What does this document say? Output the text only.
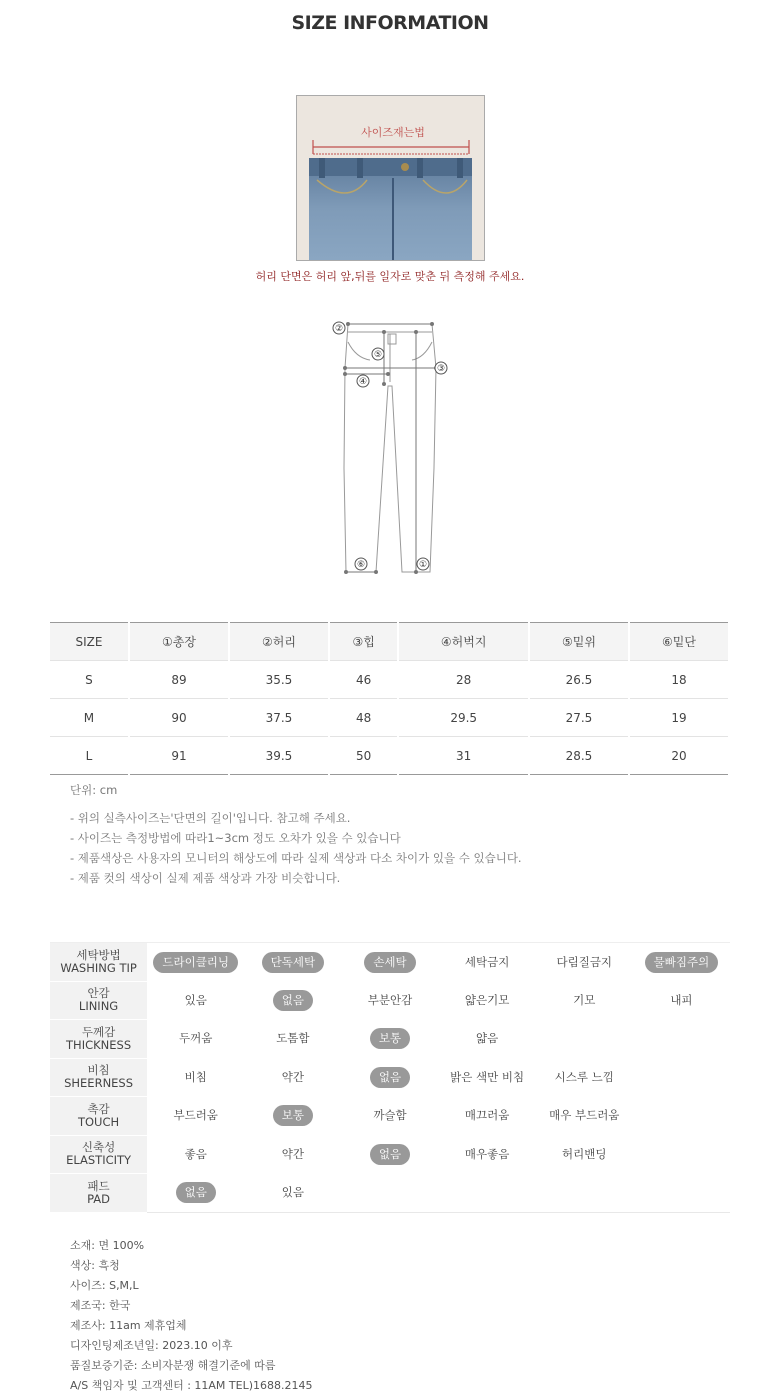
SIZE INFORMATION
사이즈재는법
허리 단면은 허리 앞,뒤를 일자로 맞춘 뒤 측정해 주세요.
②
⑤
③
④
⑥	①
SIZE	①총장	②허리	③힙	④허벅지	⑤밑위	⑥밑단
S	89	35.5	46	28	26.5	18
M	90	37.5	48	29.5	27.5	19
L	91	39.5	50	31	28.5	20
단위: cm
- 위의 실측사이즈는'단면의 길이'입니다. 참고해 주세요.
- 사이즈는 측정방법에 따라1~3cm 정도 오차가 있을 수 있습니다
- 제품색상은 사용자의 모니터의 해상도에 따라 실제 색상과 다소 차이가 있을 수 있습니다.
- 제품 컷의 색상이 실제 제품 색상과 가장 비슷합니다.
세탁방법
WASHING TIP	드라이클리닝	단독세탁	손세탁	세탁금지	다림질금지	물빠짐주의

안감
LINING	있음	없음	부분안감	얇은기모	기모	내피

두께감
THICKNESS	두꺼움	도톰함	보통	얇음		

비침
SHEERNESS	비침	약간	없음	밝은 색만 비침	시스루 느낌	

촉감
TOUCH	부드러움	보통	까슬함	매끄러움	매우 부드러움	

신축성
ELASTICITY	좋음	약간	없음	매우좋음	허리밴딩	

패드
PAD	없음	있음				
소재: 면 100%
색상: 흑청
사이즈: S,M,L
제조국: 한국
제조사: 11am 제휴업체
디자인팅제조년일: 2023.10 이후
품질보증기준: 소비자분쟁 해결기준에 따름
A/S 책임자 및 고객센터 : 11AM TEL)1688.2145
